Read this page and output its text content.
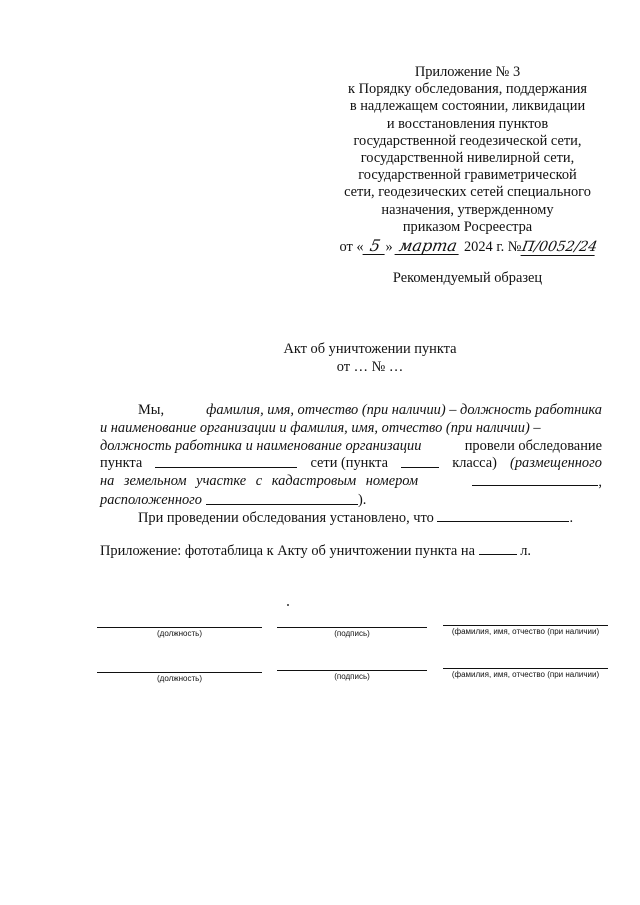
Приложение № 3
к Порядку обследования, поддержания
в надлежащем состоянии, ликвидации
и восстановления пунктов
государственной геодезической сети,
государственной нивелирной сети,
государственной гравиметрической
сети, геодезических сетей специального
назначения, утвержденному
приказом Росреестра
от « 5 » марта 2024 г. №П/0052/24
Рекомендуемый образец
Акт об уничтожении пункта
от … № …
Мы,	фамилия, имя, отчество (при наличии) – должность работника
и наименование организации и фамилия, имя, отчество (при наличии) –
должность работника и наименование организации	провели обследование
пункта	сети (пункта	класса) (размещенного
на земельном участке с кадастровым номером	,
расположенного	).
При проведении обследования установлено, что	.
Приложение: фототаблица к Акту об уничтожении пункта на	л.
(должность)	(подпись)	(фамилия, имя, отчество (при наличии)
(должность)	(подпись)	(фамилия, имя, отчество (при наличии)
